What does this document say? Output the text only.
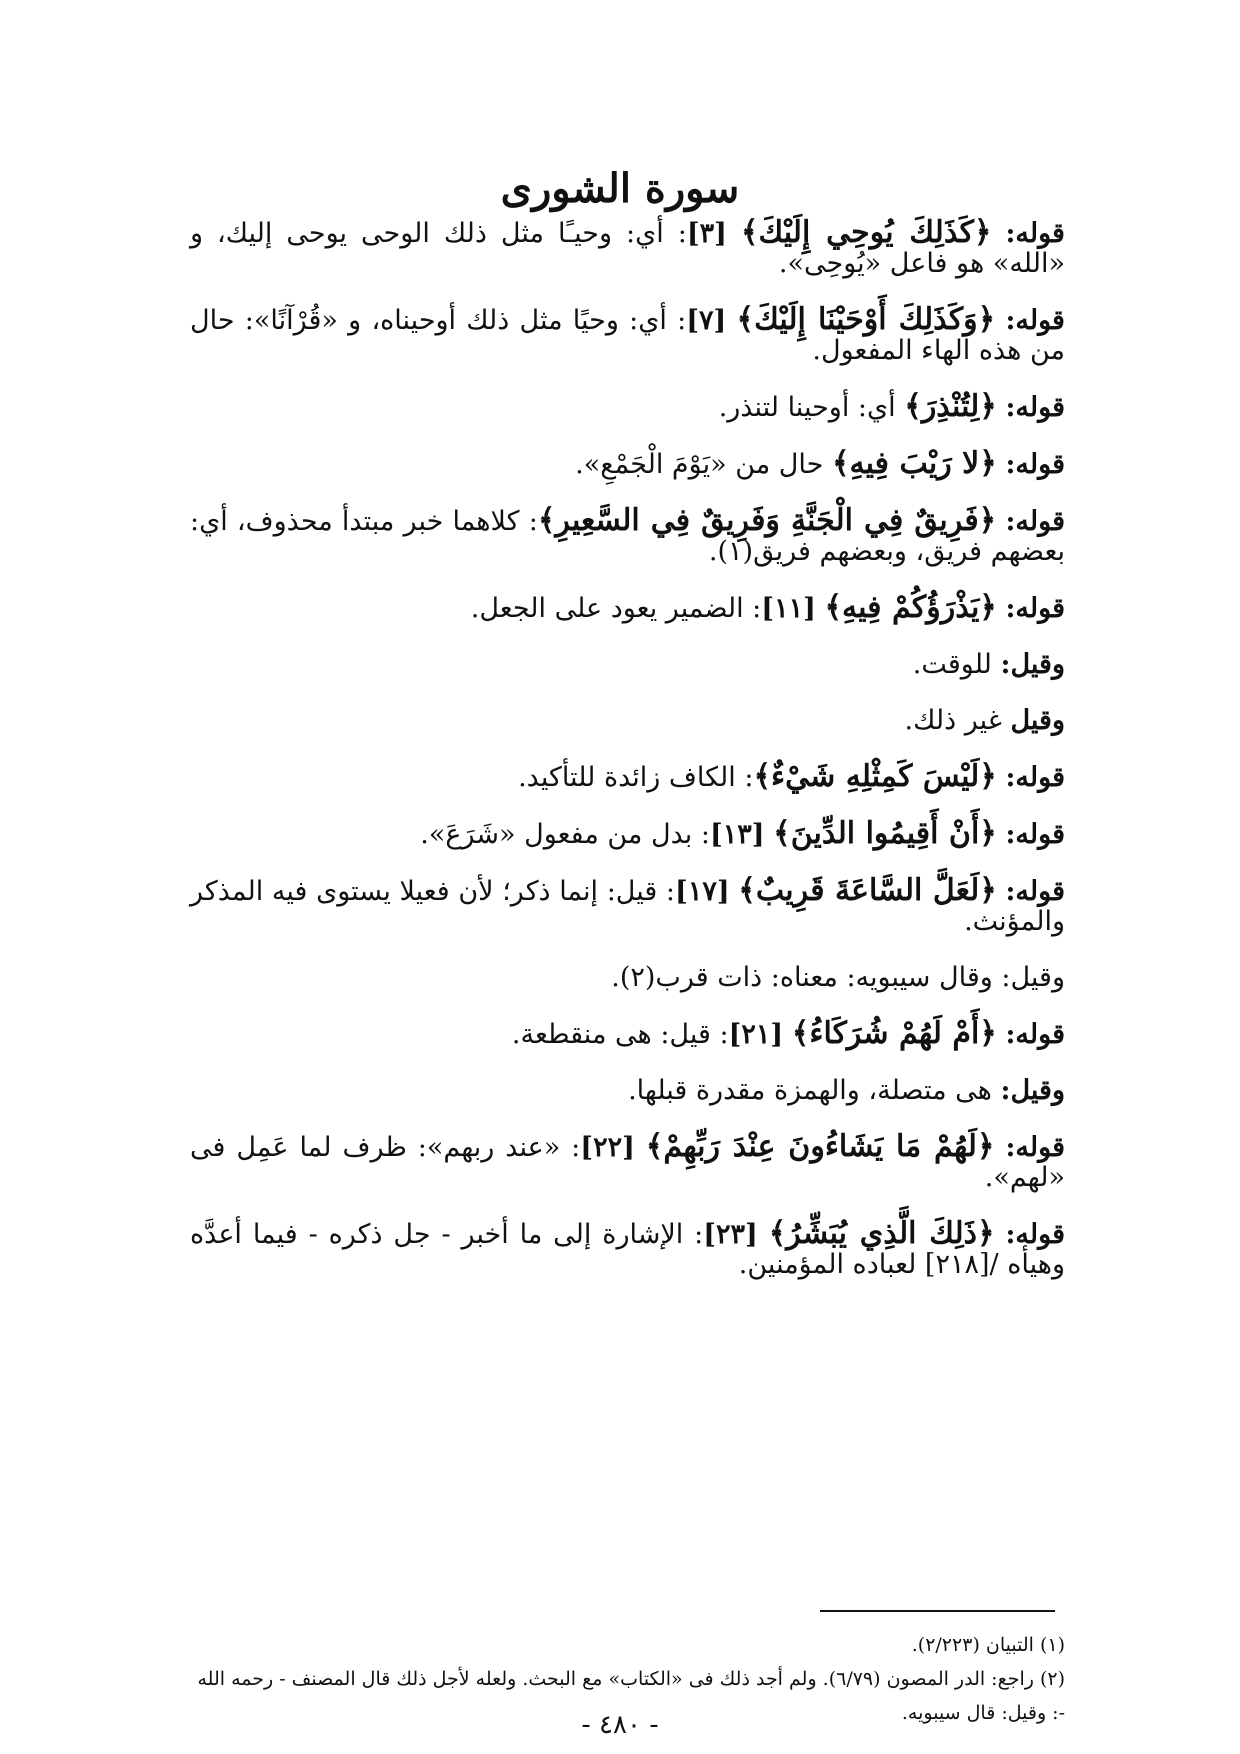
سورة الشورى

قوله: ﴿كَذَلِكَ يُوحِي إِلَيْكَ﴾ [٣]: أي: وحيـًا مثل ذلك الوحى يوحى إليك، و «الله» هو فاعل «يُوحِى».

قوله: ﴿وَكَذَلِكَ أَوْحَيْنَا إِلَيْكَ﴾ [٧]: أي: وحيًا مثل ذلك أوحيناه، و «قُرْآنًا»: حال من هذه الهاء المفعول.

قوله: ﴿لِتُنْذِرَ﴾ أي: أوحينا لتنذر.

قوله: ﴿لا رَيْبَ فِيهِ﴾ حال من «يَوْمَ الْجَمْعِ».

قوله: ﴿فَرِيقٌ فِي الْجَنَّةِ وَفَرِيقٌ فِي السَّعِيرِ﴾: كلاهما خبر مبتدأ محذوف، أي: بعضهم فريق، وبعضهم فريق(١).

قوله: ﴿يَذْرَؤُكُمْ فِيهِ﴾ [١١]: الضمير يعود على الجعل.

وقيل: للوقت.

وقيل غير ذلك.

قوله: ﴿لَيْسَ كَمِثْلِهِ شَيْءٌ﴾: الكاف زائدة للتأكيد.

قوله: ﴿أَنْ أَقِيمُوا الدِّينَ﴾ [١٣]: بدل من مفعول «شَرَعَ».

قوله: ﴿لَعَلَّ السَّاعَةَ قَرِيبٌ﴾ [١٧]: قيل: إنما ذكر؛ لأن فعيلا يستوى فيه المذكر والمؤنث.

وقيل: وقال سيبويه: معناه: ذات قرب(٢).

قوله: ﴿أَمْ لَهُمْ شُرَكَاءُ﴾ [٢١]: قيل: هى منقطعة.

وقيل: هى متصلة، والهمزة مقدرة قبلها.

قوله: ﴿لَهُمْ مَا يَشَاءُونَ عِنْدَ رَبِّهِمْ﴾ [٢٢]: «عند ربهم»: ظرف لما عَمِل فى «لهم».

قوله: ﴿ذَلِكَ الَّذِي يُبَشِّرُ﴾ [٢٣]: الإشارة إلى ما أخبر - جل ذكره - فيما أعدَّه وهيأه /[٢١٨] لعباده المؤمنين.

(١) التبيان (٢/٢٢٣).

(٢) راجع: الدر المصون (٦/٧٩). ولم أجد ذلك فى «الكتاب» مع البحث. ولعله لأجل ذلك قال المصنف - رحمه الله -: وقيل: قال سيبويه.

- ٤٨٠ -
